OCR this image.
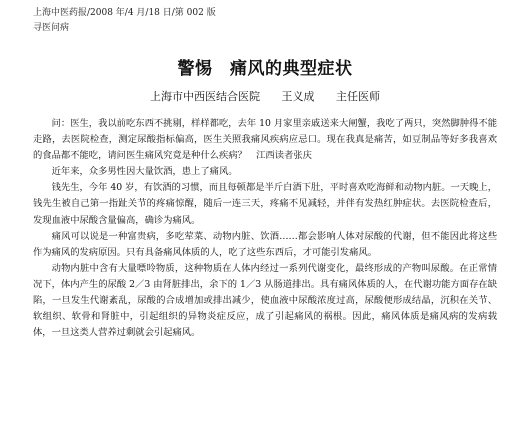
上海中医药报/2008 年/4 月/18 日/第 002 版
寻医问病
警惕　痛风的典型症状
上海市中西医结合医院 王义成 主任医师

问：医生，我以前吃东西不挑剔，样样都吃，去年 10 月家里亲戚送来大闸蟹，我吃了两只，突然脚肿得不能走路，去医院检查，测定尿酸指标偏高，医生关照我痛风疾病应忌口。现在我真是痛苦，如豆制品等好多我喜欢的食品都不能吃，请问医生痛风究竟是种什么疾病？　江西读者张庆

近年来，众多男性因大量饮酒，患上了痛风。

钱先生，今年 40 岁，有饮酒的习惯，而且每顿都是半斤白酒下肚，平时喜欢吃海鲜和动物内脏。一天晚上，钱先生被自己第一指趾关节的疼痛惊醒，随后一连三天，疼痛不见减轻，并伴有发热红肿症状。去医院检查后，发现血液中尿酸含量偏高，确诊为痛风。

痛风可以说是一种富贵病，多吃荤菜、动物内脏、饮酒……都会影响人体对尿酸的代谢，但不能因此将这些作为痛风的发病原因。只有具备痛风体质的人，吃了这些东西后，才可能引发痛风。

动物内脏中含有大量嘌呤物质，这种物质在人体内经过一系列代谢变化，最终形成的产物叫尿酸。在正常情况下，体内产生的尿酸 2／3 由肾脏排出，余下的 1／3 从肠道排出。具有痛风体质的人，在代谢功能方面存在缺陷，一旦发生代谢紊乱，尿酸的合成增加或排出减少，使血液中尿酸浓度过高，尿酸便形成结晶，沉积在关节、软组织、软骨和肾脏中，引起组织的异物炎症反应，成了引起痛风的祸根。因此，痛风体质是痛风病的发病载体，一旦这类人营养过剩就会引起痛风。
